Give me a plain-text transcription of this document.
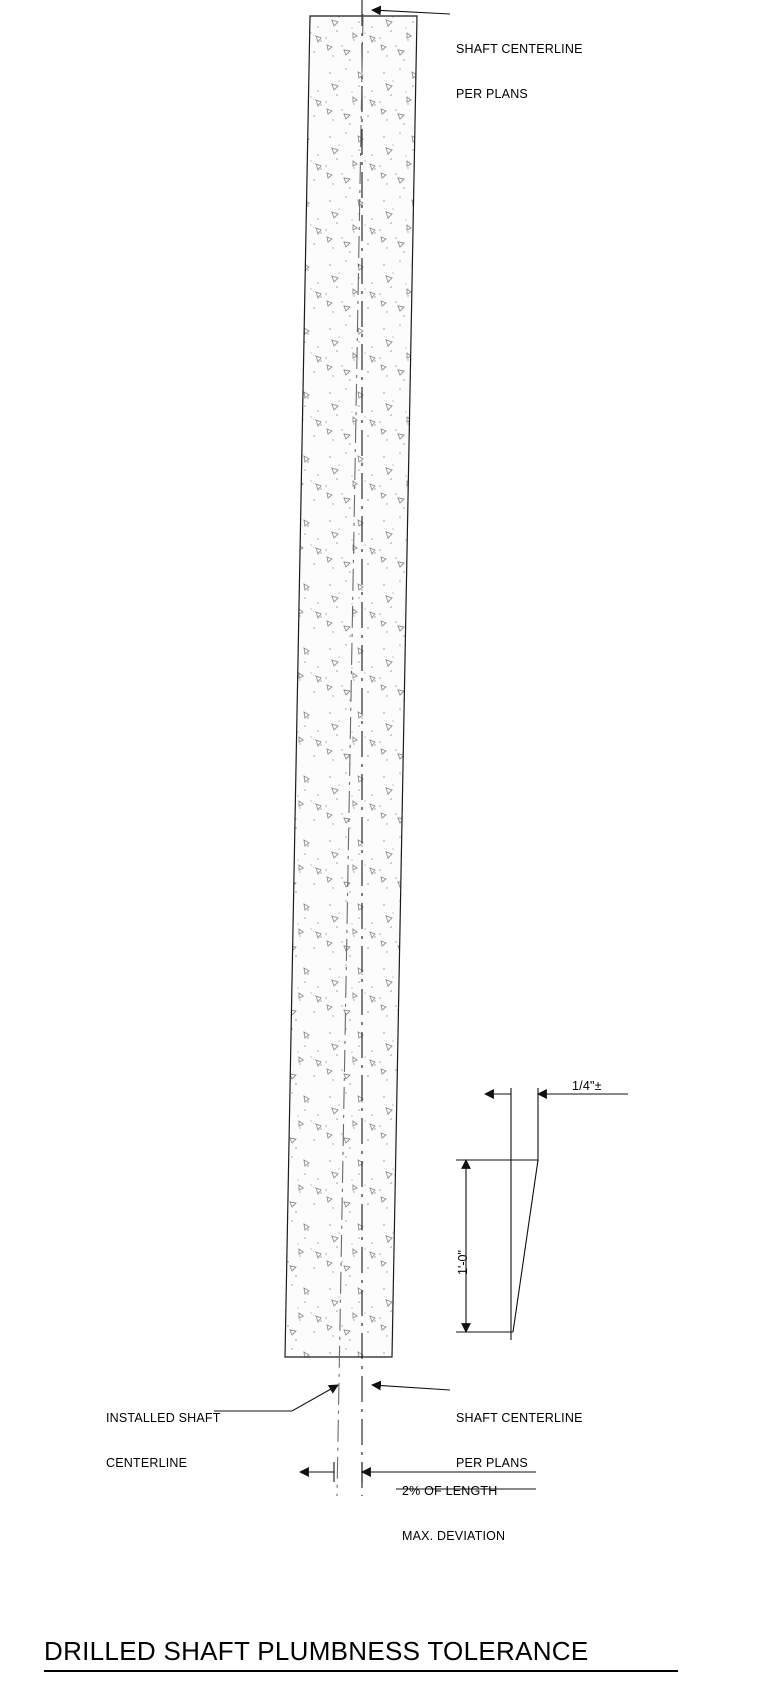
SHAFT CENTERLINE

PER PLANS

INSTALLED SHAFT

CENTERLINE

SHAFT CENTERLINE

PER PLANS

2% OF LENGTH

MAX. DEVIATION

1/4"±
1'-0"
DRILLED SHAFT PLUMBNESS TOLERANCE
